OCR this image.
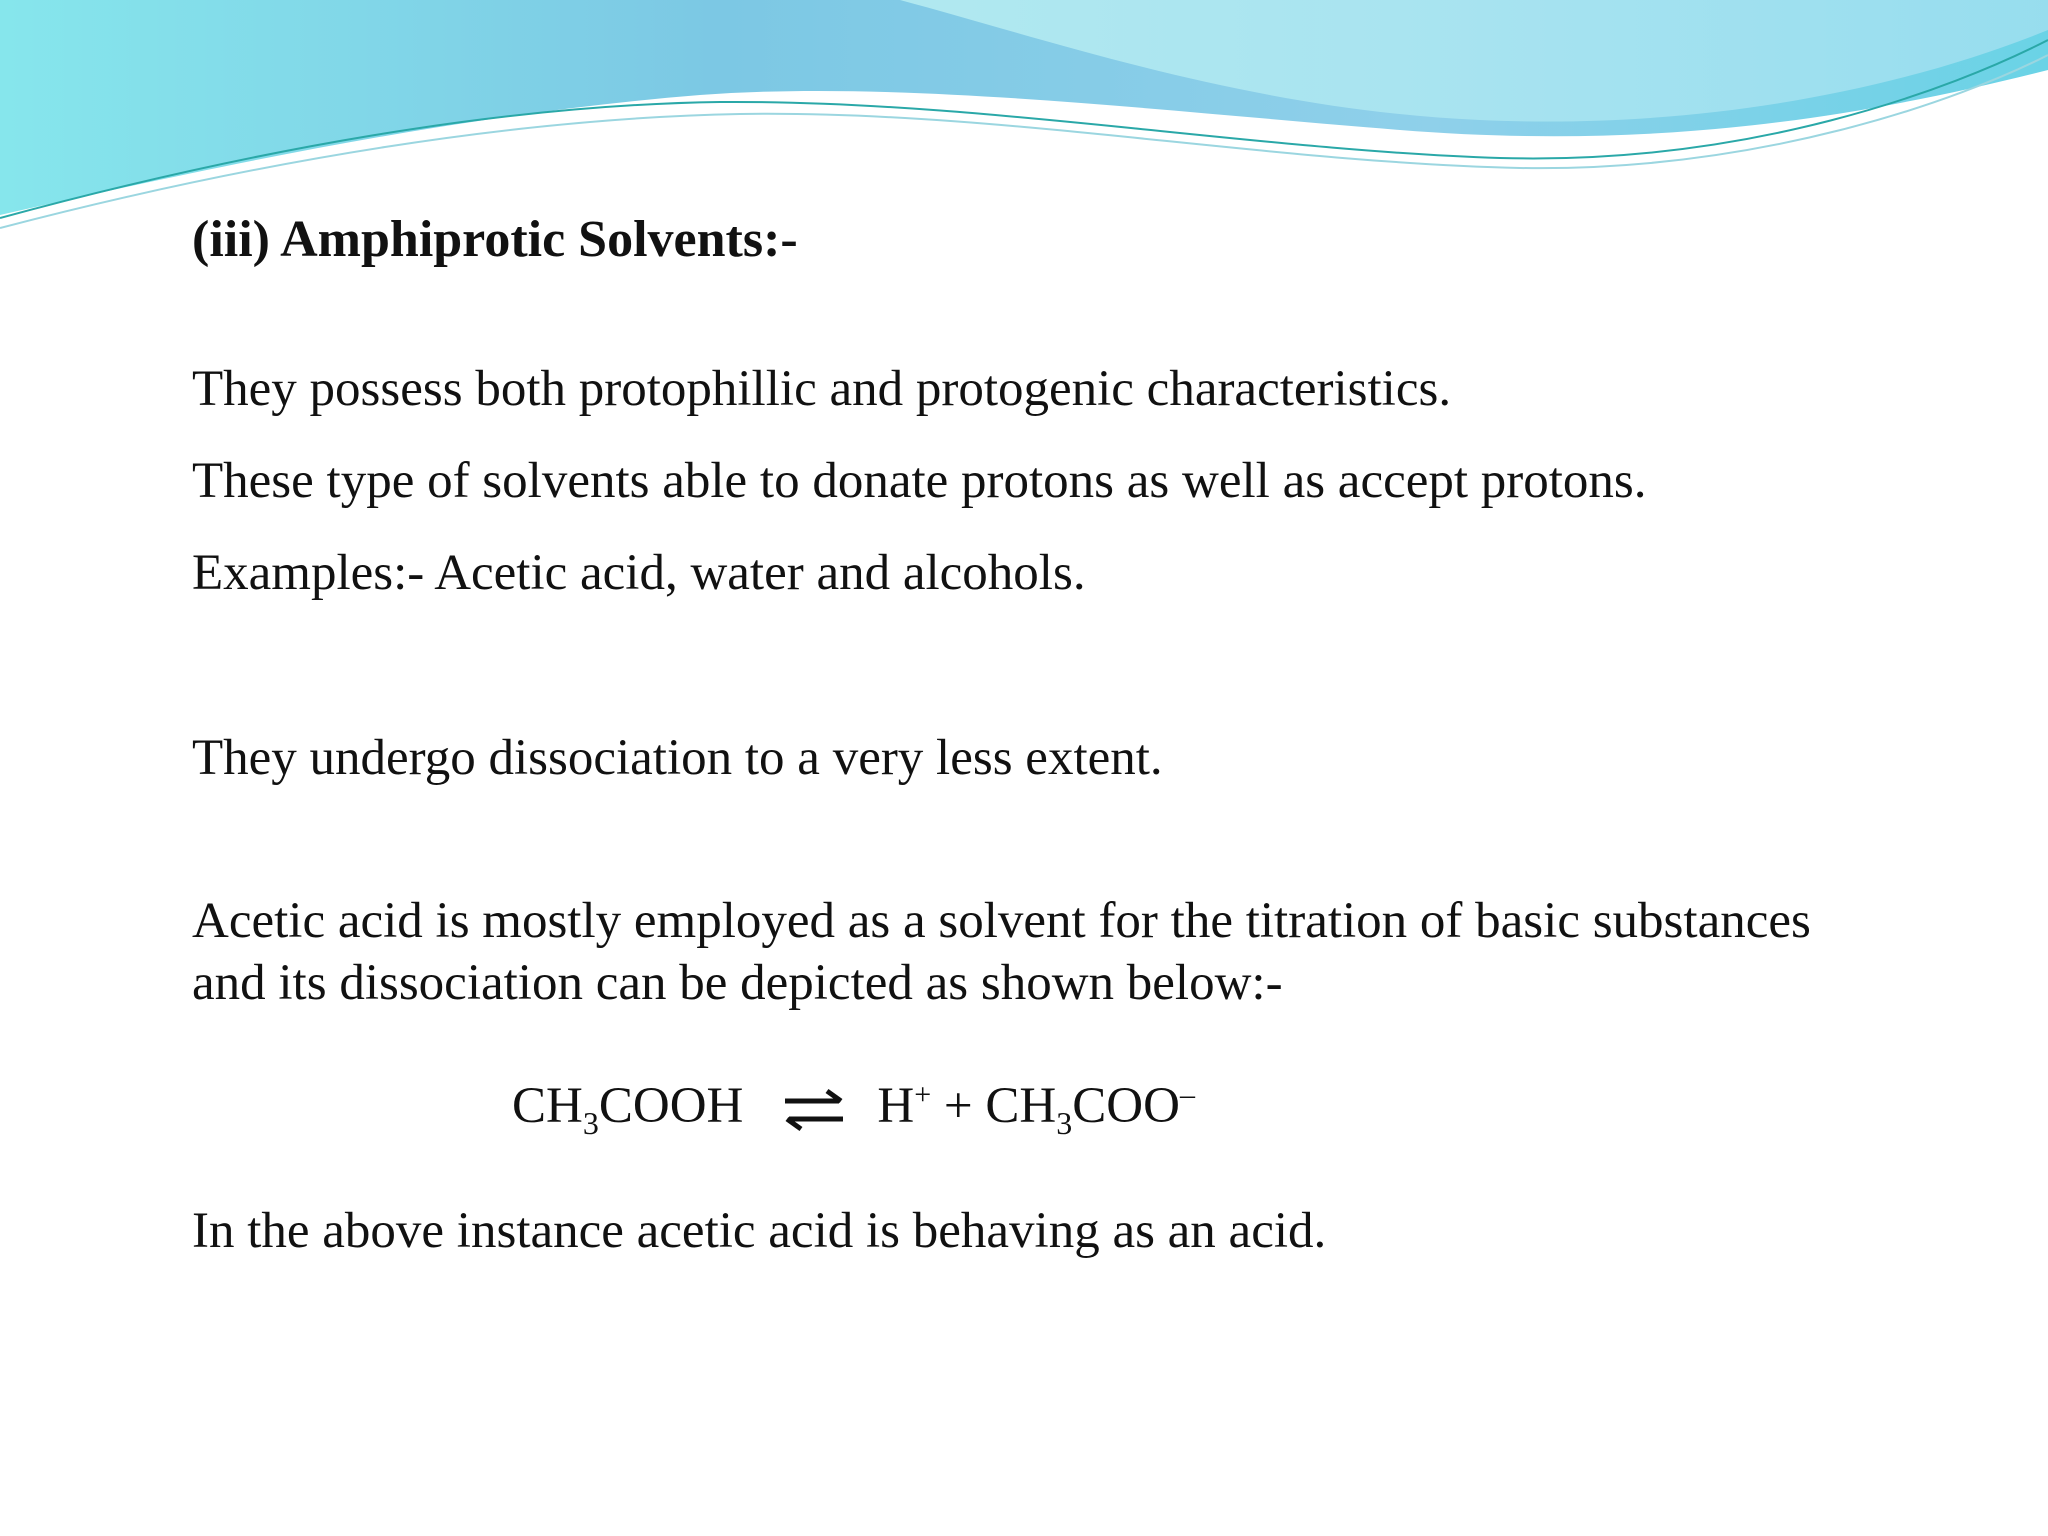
(iii) Amphiprotic Solvents:-
They possess both protophillic and protogenic characteristics.
These type of solvents able to donate protons as well as accept protons.
Examples:- Acetic acid, water and alcohols.
They undergo dissociation to a very less extent.
Acetic acid is mostly employed as a solvent for the titration of basic substances
and its dissociation can be depicted as shown below:-
$CH_3COOH$ ⇌ $H^+ + CH_3COO^-$
In the above instance acetic acid is behaving as an acid.
